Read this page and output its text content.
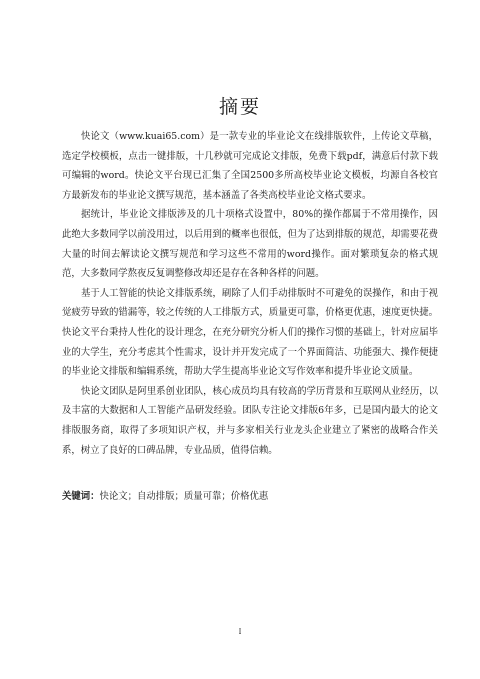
摘要

快论文（www.kuai65.com）是一款专业的毕业论文在线排版软件，上传论文草稿，选定学校模板，点击一键排版，十几秒就可完成论文排版，免费下载pdf，满意后付款下载可编辑的word。快论文平台现已汇集了全国2500多所高校毕业论文模板，均源自各校官方最新发布的毕业论文撰写规范，基本涵盖了各类高校毕业论文格式要求。

据统计，毕业论文排版涉及的几十项格式设置中，80%的操作都属于不常用操作，因此绝大多数同学以前没用过，以后用到的概率也很低，但为了达到排版的规范，却需要花费大量的时间去解读论文撰写规范和学习这些不常用的word操作。面对繁琐复杂的格式规范，大多数同学熬夜反复调整修改却还是存在各种各样的问题。

基于人工智能的快论文排版系统，刷除了人们手动排版时不可避免的误操作，和由于视觉疲劳导致的错漏等，较之传统的人工排版方式，质量更可靠，价格更优惠，速度更快捷。快论文平台秉持人性化的设计理念，在充分研究分析人们的操作习惯的基础上，针对应届毕业的大学生，充分考虑其个性需求，设计并开发完成了一个界面简洁、功能强大、操作便捷的毕业论文排版和编辑系统，帮助大学生提高毕业论文写作效率和提升毕业论文质量。

快论文团队是阿里系创业团队，核心成员均具有较高的学历背景和互联网从业经历，以及丰富的大数据和人工智能产品研发经验。团队专注论文排版6年多，已是国内最大的论文排版服务商，取得了多项知识产权，并与多家相关行业龙头企业建立了紧密的战略合作关系，树立了良好的口碑品牌，专业品质，值得信赖。

关键词：快论文；自动排版；质量可靠；价格优惠
I
